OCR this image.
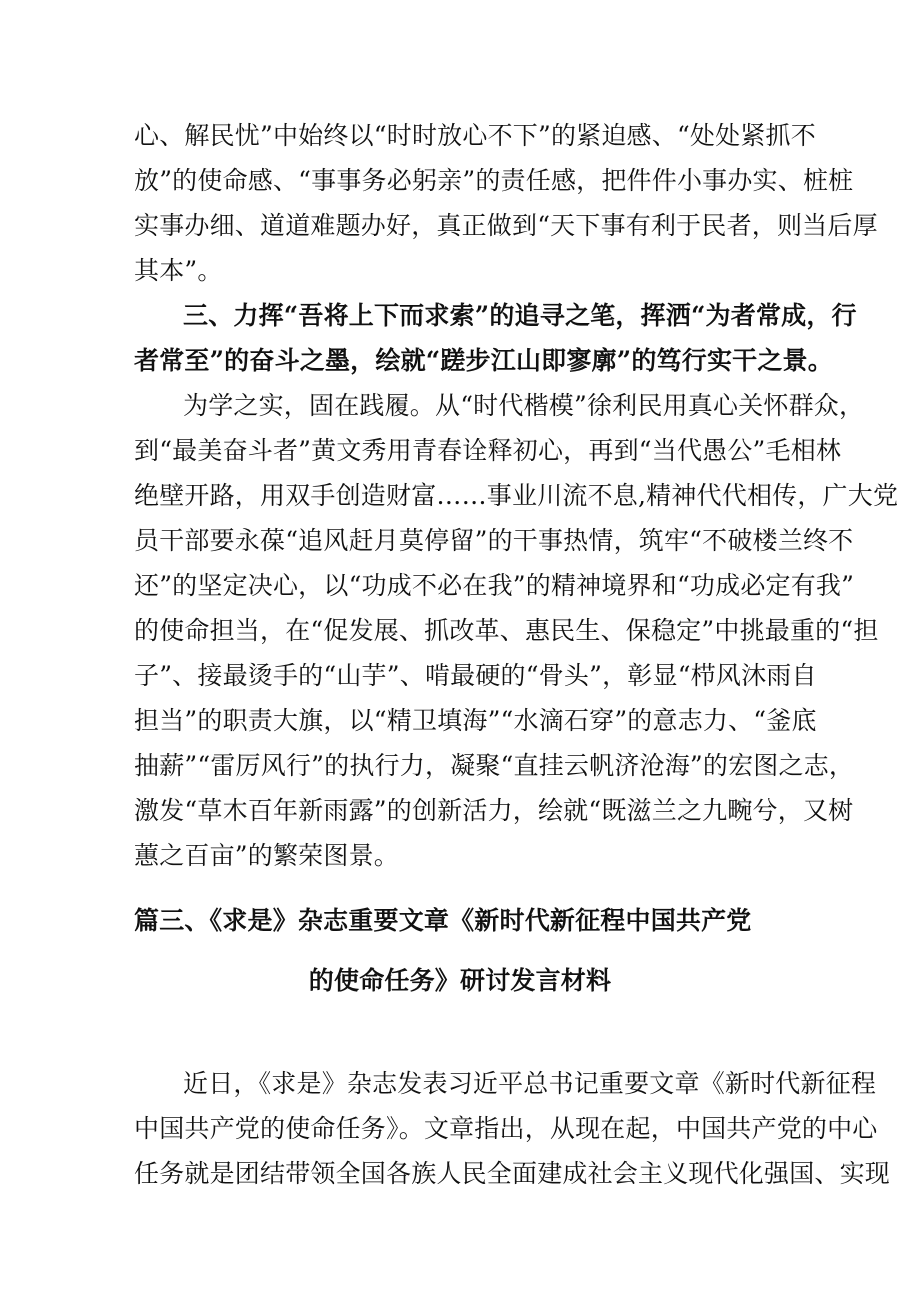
心、解民忧”中始终以“时时放心不下”的紧迫感、“处处紧抓不
放”的使命感、“事事务必躬亲”的责任感，把件件小事办实、桩桩
实事办细、道道难题办好，真正做到“天下事有利于民者，则当后厚
其本”。
三、力挥“吾将上下而求索”的追寻之笔，挥洒“为者常成，行
者常至”的奋斗之墨，绘就“蹉步江山即寥廓”的笃行实干之景。
为学之实，固在践履。从“时代楷模”徐利民用真心关怀群众，
到“最美奋斗者”黄文秀用青春诠释初心，再到“当代愚公”毛相林
绝壁开路，用双手创造财富……事业川流不息,精神代代相传，广大党
员干部要永葆“追风赶月莫停留”的干事热情，筑牢“不破楼兰终不
还”的坚定决心，以“功成不必在我”的精神境界和“功成必定有我”
的使命担当，在“促发展、抓改革、惠民生、保稳定”中挑最重的“担
子”、接最烫手的“山芋”、啃最硬的“骨头”，彰显“栉风沐雨自
担当”的职责大旗，以“精卫填海”“水滴石穿”的意志力、“釜底
抽薪”“雷厉风行”的执行力，凝聚“直挂云帆济沧海”的宏图之志，
激发“草木百年新雨露”的创新活力，绘就“既滋兰之九畹兮，又树
蕙之百亩”的繁荣图景。
篇三、《求是》杂志重要文章《新时代新征程中国共产党
的使命任务》研讨发言材料
近日，《求是》杂志发表习近平总书记重要文章《新时代新征程
中国共产党的使命任务》。文章指出，从现在起，中国共产党的中心
任务就是团结带领全国各族人民全面建成社会主义现代化强国、实现
